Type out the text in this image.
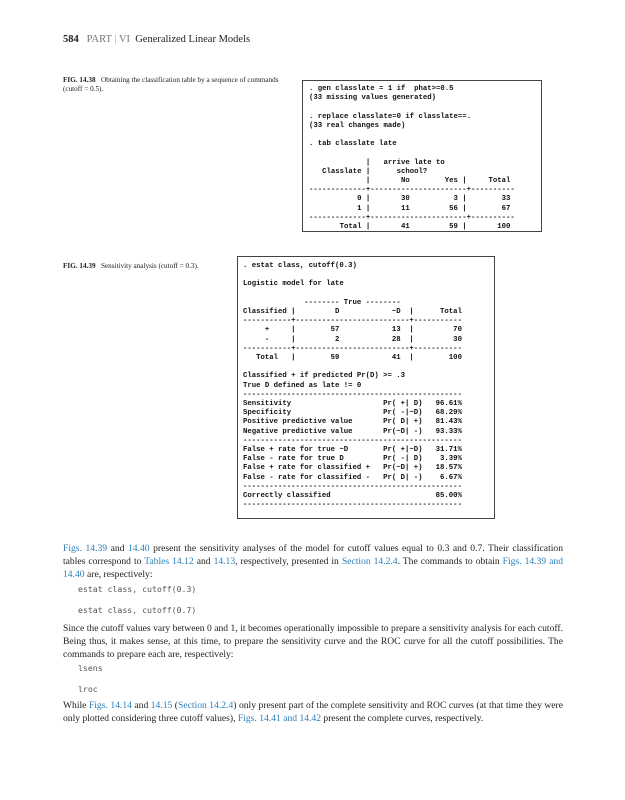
584 PART | VI Generalized Linear Models
FIG. 14.38 Obtaining the classification table by a sequence of commands (cutoff = 0.5).	. gen classlate = 1 if  phat>=0.5
(33 missing values generated)

. replace classlate=0 if classlate==.
(33 real changes made)

. tab classlate late

|   arrive late to
Classlate |      school?
|       No        Yes |     Total
-------------+----------------------+----------
0 |       30          3 |        33
1 |       11         56 |        67
-------------+----------------------+----------
Total |       41         59 |       100
FIG. 14.39 Sensitivity analysis (cutoff = 0.3).	. estat class, cutoff(0.3)

Logistic model for late

-------- True --------
Classified |         D            ~D  |      Total
-----------+--------------------------+-----------
+     |        57            13  |         70
-     |         2            28  |         30
-----------+--------------------------+-----------
Total   |        59            41  |        100

Classified + if predicted Pr(D) >= .3
True D defined as late != 0
--------------------------------------------------
Sensitivity                     Pr( +| D)   96.61%
Specificity                     Pr( -|~D)   68.29%
Positive predictive value       Pr( D| +)   81.43%
Negative predictive value       Pr(~D| -)   93.33%
--------------------------------------------------
False + rate for true ~D        Pr( +|~D)   31.71%
False - rate for true D         Pr( -| D)    3.39%
False + rate for classified +   Pr(~D| +)   18.57%
False - rate for classified -   Pr( D| -)    6.67%
--------------------------------------------------
Correctly classified                        85.00%
--------------------------------------------------
Figs. 14.39 and 14.40 present the sensitivity analyses of the model for cutoff values equal to 0.3 and 0.7. Their classification tables correspond to Tables 14.12 and 14.13, respectively, presented in Section 14.2.4. The commands to obtain Figs. 14.39 and 14.40 are, respectively:
estat class, cutoff(0.3)
estat class, cutoff(0.7)
Since the cutoff values vary between 0 and 1, it becomes operationally impossible to prepare a sensitivity analysis for each cutoff. Being thus, it makes sense, at this time, to prepare the sensitivity curve and the ROC curve for all the cutoff possibilities. The commands to prepare each are, respectively:
lsens
lroc
While Figs. 14.14 and 14.15 (Section 14.2.4) only present part of the complete sensitivity and ROC curves (at that time they were only plotted considering three cutoff values), Figs. 14.41 and 14.42 present the complete curves, respectively.
